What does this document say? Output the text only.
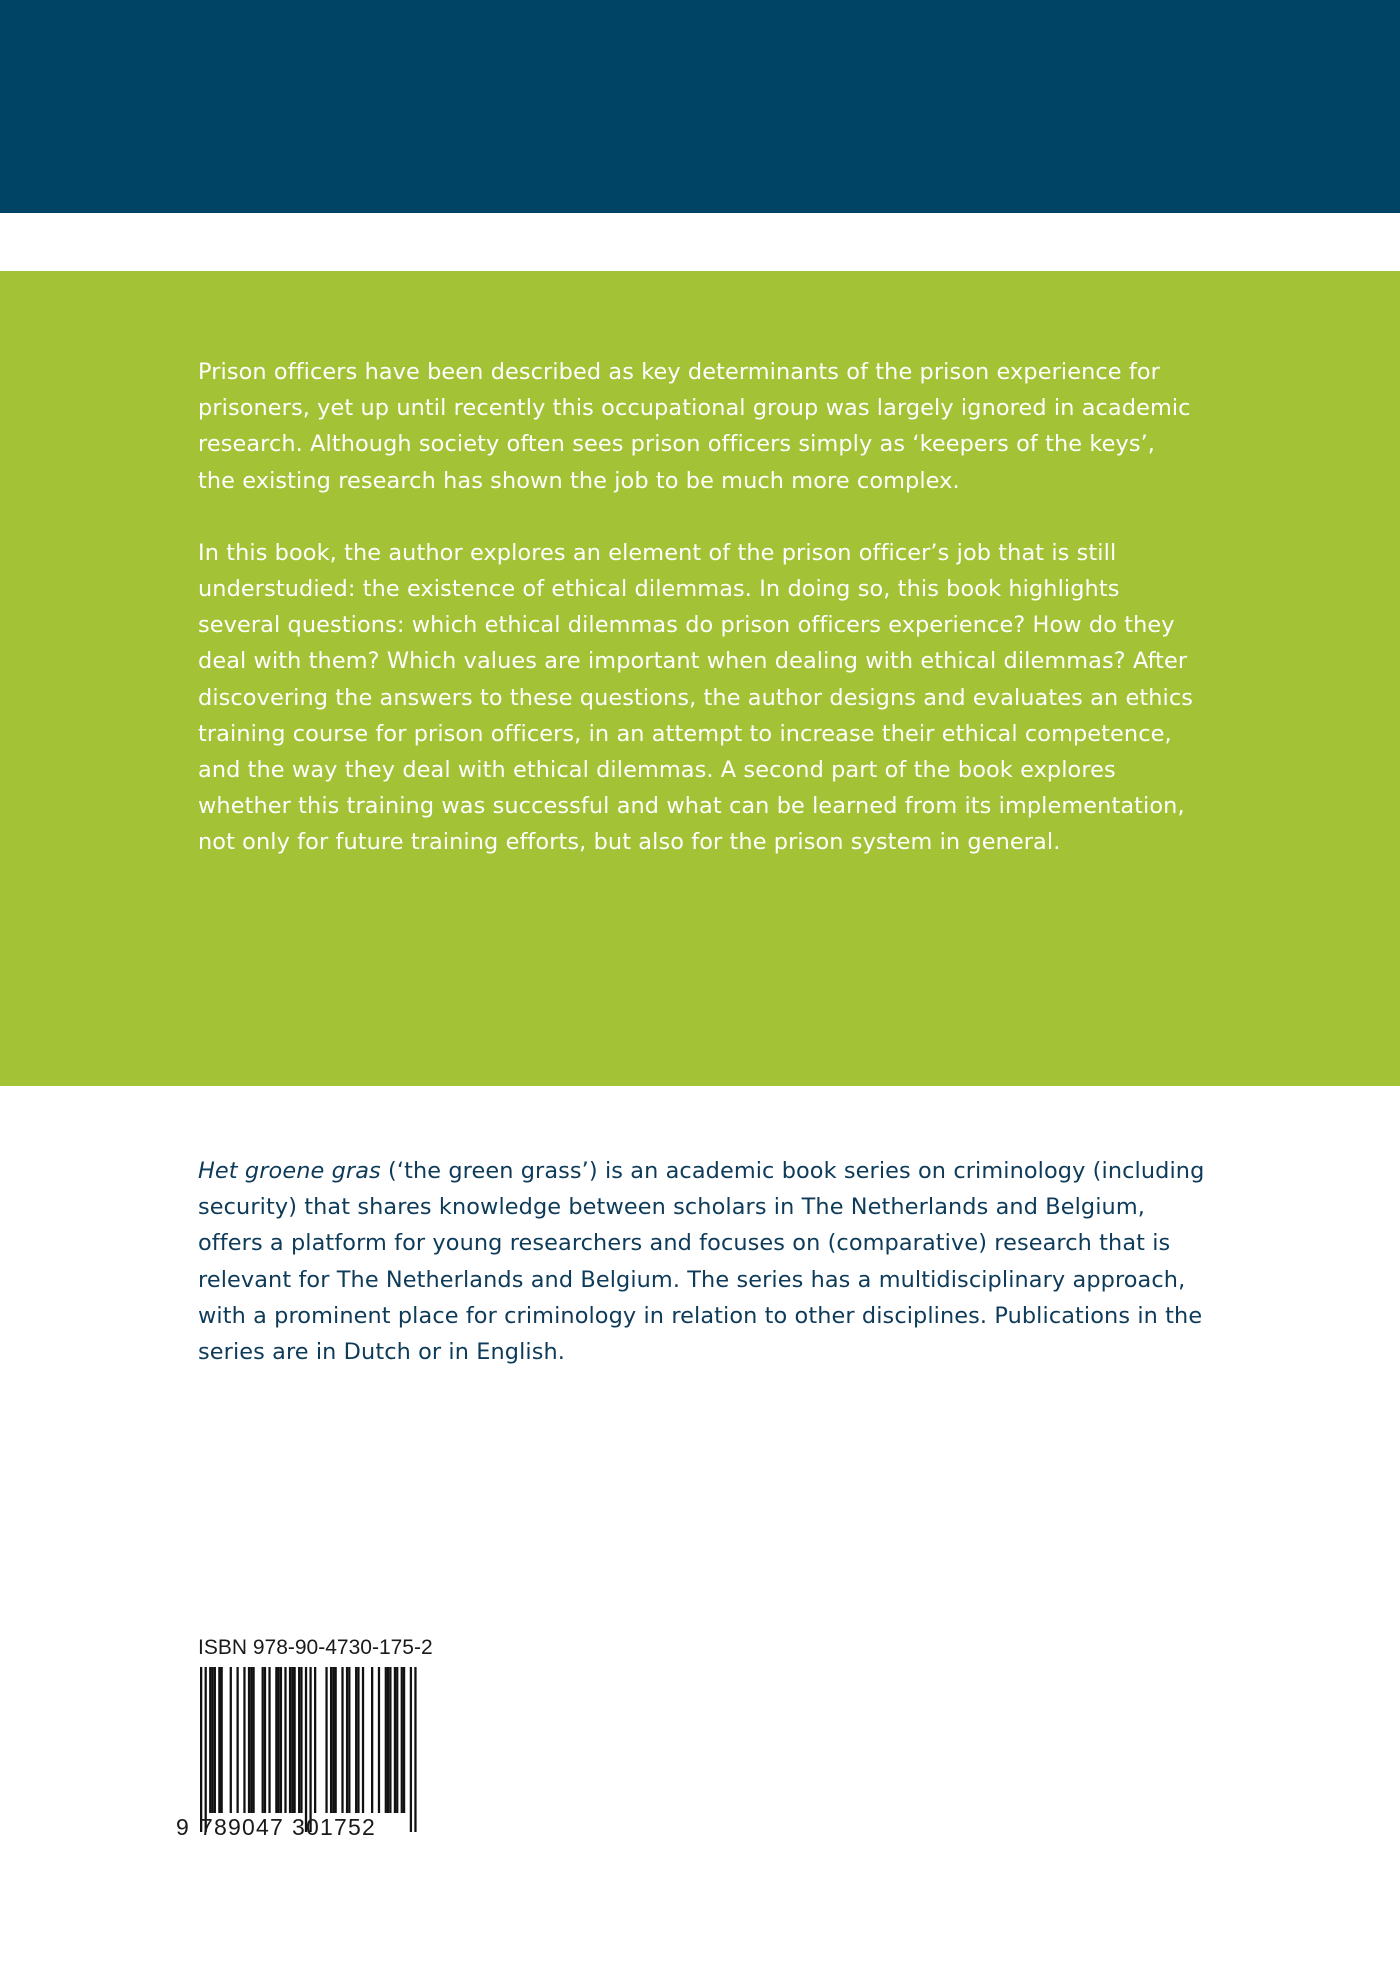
Prison officers have been described as key determinants of the prison experience for prisoners, yet up until recently this occupational group was largely ignored in academic research. Although society often sees prison officers simply as ‘keepers of the keys’, the existing research has shown the job to be much more complex.

In this book, the author explores an element of the prison officer’s job that is still understudied: the existence of ethical dilemmas. In doing so, this book highlights several questions: which ethical dilemmas do prison officers experience? How do they deal with them? Which values are important when dealing with ethical dilemmas? After discovering the answers to these questions, the author designs and evaluates an ethics training course for prison officers, in an attempt to increase their ethical competence, and the way they deal with ethical dilemmas. A second part of the book explores whether this training was successful and what can be learned from its implementation, not only for future training efforts, but also for the prison system in general.

Het groene gras (‘the green grass’) is an academic book series on criminology (including security) that shares knowledge between scholars in The Netherlands and Belgium, offers a platform for young researchers and focuses on (comparative) research that is relevant for The Netherlands and Belgium. The series has a multidisciplinary approach, with a prominent place for criminology in relation to other disciplines. Publications in the series are in Dutch or in English.

ISBN 978-90-4730-175-2
9 789047 301752
